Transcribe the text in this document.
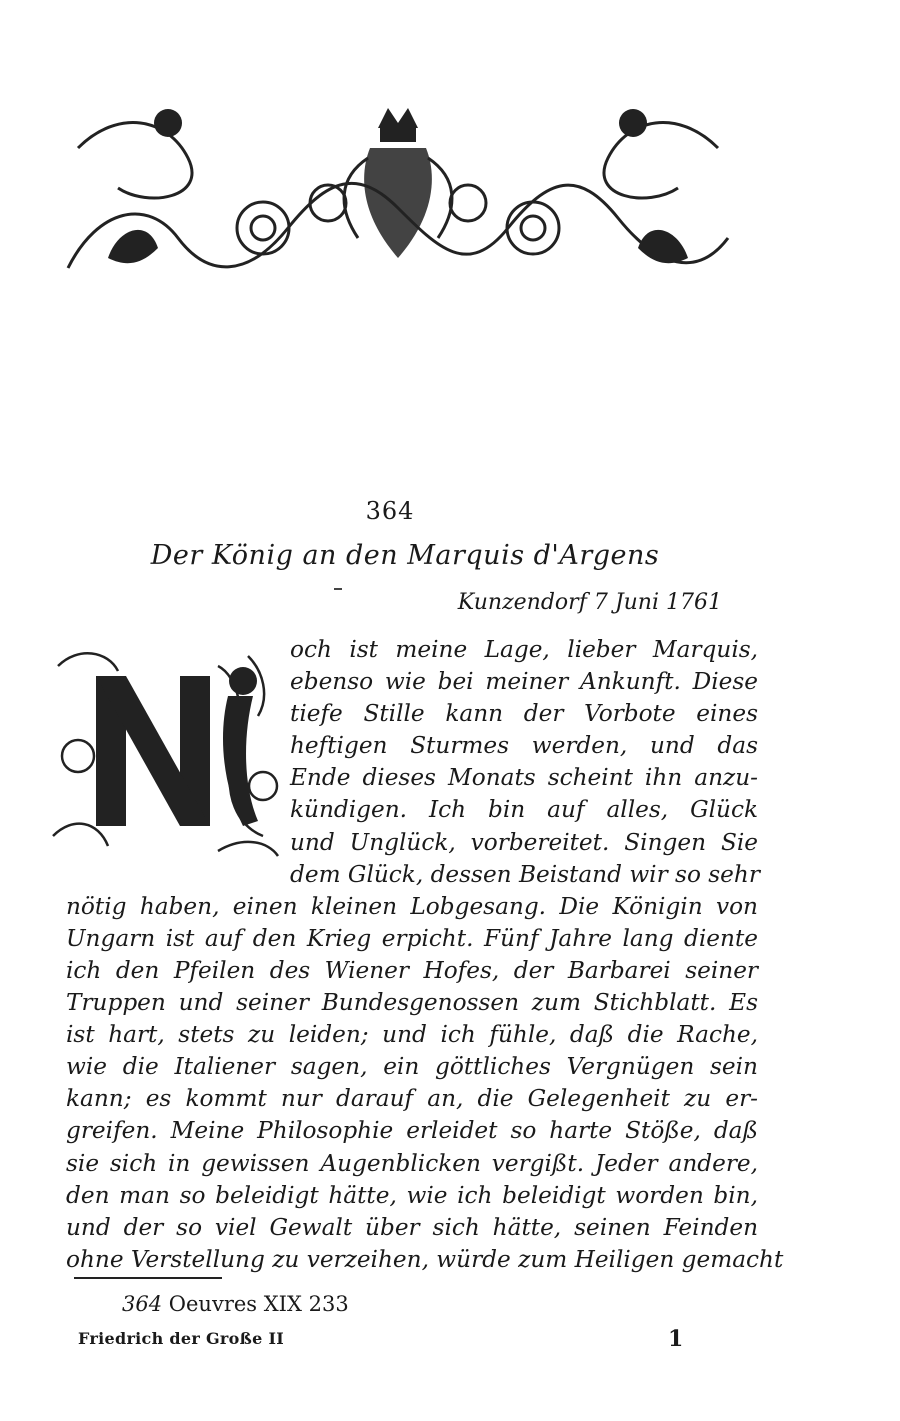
364
Der König an den Marquis d'Argens
Kunzendorf 7 Juni 1761
och ist meine Lage, lieber Marquis,
ebenso wie bei meiner Ankunft. Diese
tiefe Stille kann der Vorbote eines
heftigen Sturmes werden, und das
Ende dieses Monats scheint ihn anzu-
kündigen. Ich bin auf alles, Glück
und Unglück, vorbereitet. Singen Sie
dem Glück, dessen Beistand wir so sehr
nötig haben, einen kleinen Lobgesang. Die Königin von
Ungarn ist auf den Krieg erpicht. Fünf Jahre lang diente
ich den Pfeilen des Wiener Hofes, der Barbarei seiner
Truppen und seiner Bundesgenossen zum Stichblatt. Es
ist hart, stets zu leiden; und ich fühle, daß die Rache,
wie die Italiener sagen, ein göttliches Vergnügen sein
kann; es kommt nur darauf an, die Gelegenheit zu er-
greifen. Meine Philosophie erleidet so harte Stöße, daß
sie sich in gewissen Augenblicken vergißt. Jeder andere,
den man so beleidigt hätte, wie ich beleidigt worden bin,
und der so viel Gewalt über sich hätte, seinen Feinden
ohne Verstellung zu verzeihen, würde zum Heiligen gemacht
364 Oeuvres XIX 233
Friedrich der Große II	1
